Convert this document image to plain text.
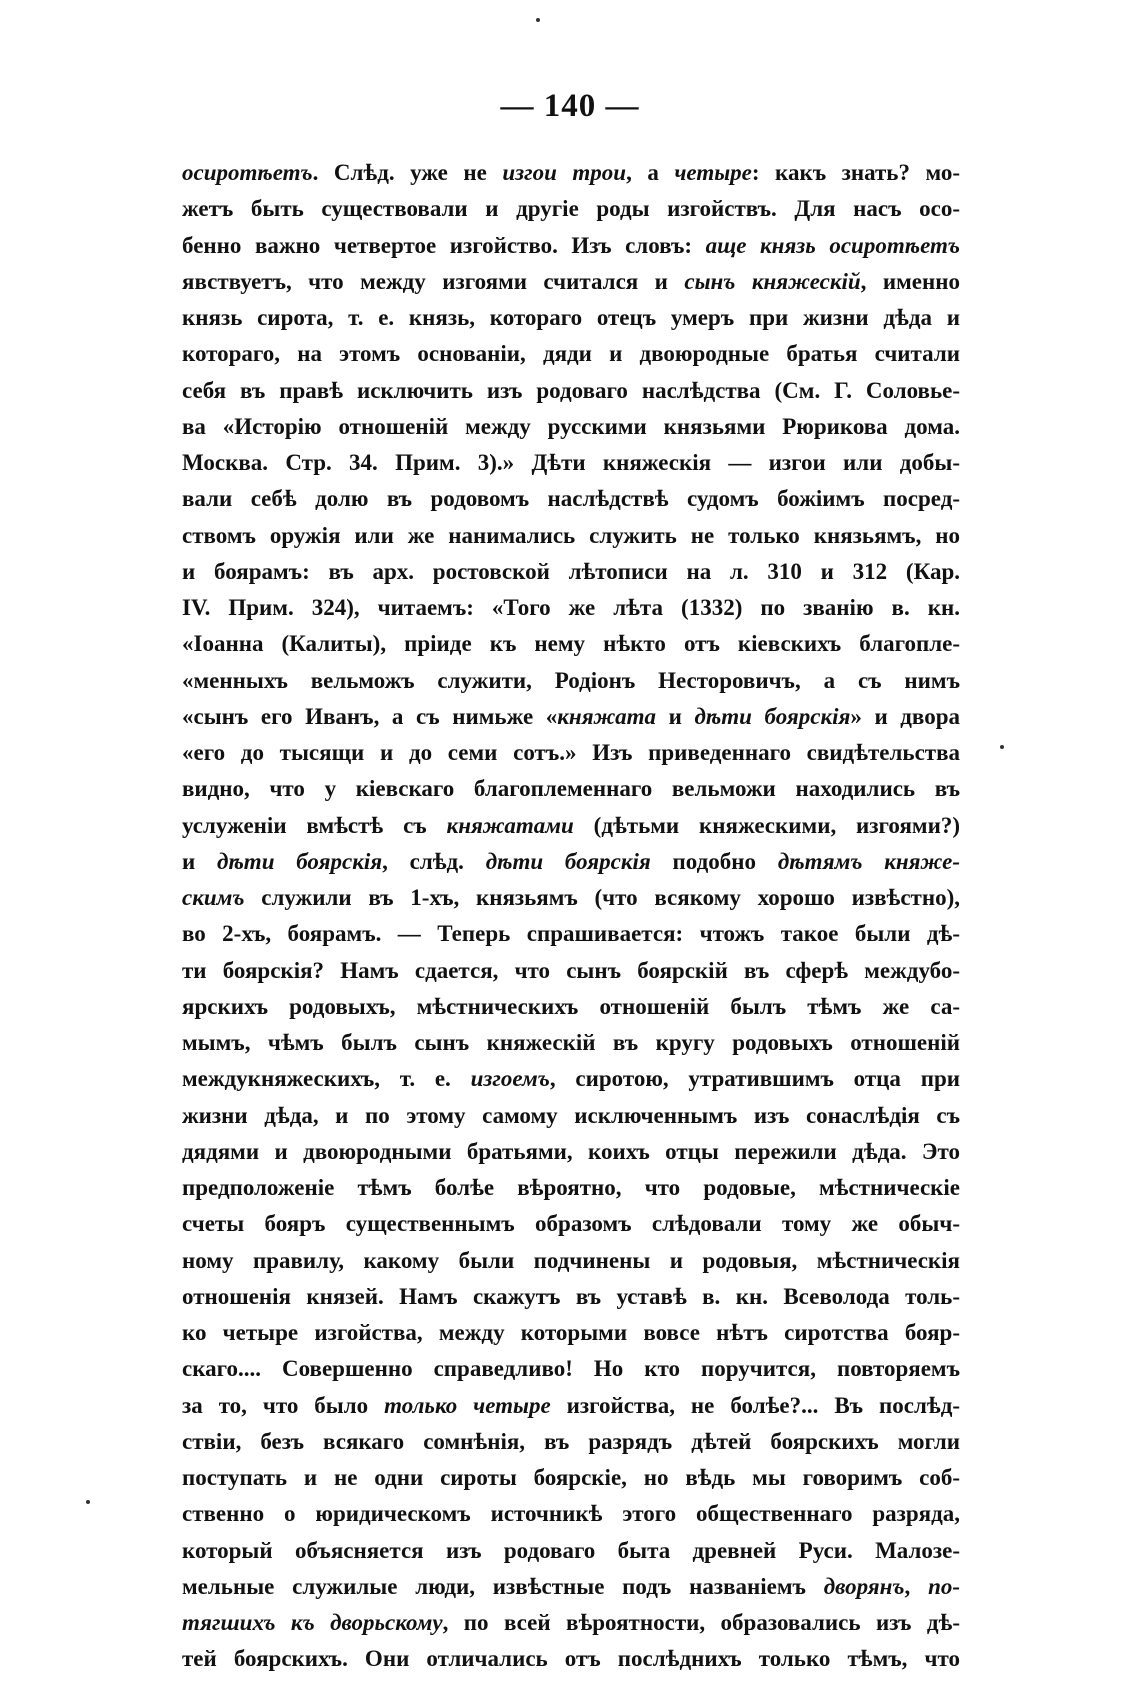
— 140 —
осиротѣетъ. Слѣд. уже не изгои трои, а четыре: какъ знать? мо-
жетъ быть существовали и другіе роды изгойствъ. Для насъ осо-
бенно важно четвертое изгойство. Изъ словъ: аще князь осиротѣетъ
явствуетъ, что между изгоями считался и сынъ княжескій, именно
князь сирота, т. е. князь, котораго отецъ умеръ при жизни дѣда и
котораго, на этомъ основаніи, дяди и двоюродные братья считали
себя въ правѣ исключить изъ родоваго наслѣдства (См. Г. Соловье-
ва «Исторію отношеній между русскими князьями Рюрикова дома.
Москва. Стр. 34. Прим. 3).» Дѣти княжескія — изгои или добы-
вали себѣ долю въ родовомъ наслѣдствѣ судомъ божіимъ посред-
ствомъ оружія или же нанимались служить не только князьямъ, но
и боярамъ: въ арх. ростовской лѣтописи на л. 310 и 312 (Кар.
IV. Прим. 324), читаемъ: «Того же лѣта (1332) по званію в. кн.
«Іоанна (Калиты), пріиде къ нему нѣкто отъ кіевскихъ благопле-
«менныхъ вельможъ служити, Родіонъ Несторовичъ, а съ нимъ
«сынъ его Иванъ, а съ нимьже «княжата и дѣти боярскія» и двора
«его до тысящи и до семи сотъ.» Изъ приведеннаго свидѣтельства
видно, что у кіевскаго благоплеменнаго вельможи находились въ
услуженіи вмѣстѣ съ княжатами (дѣтьми княжескими, изгоями?)
и дѣти боярскія, слѣд. дѣти боярскія подобно дѣтямъ княже-
скимъ служили въ 1-хъ, князьямъ (что всякому хорошо извѣстно),
во 2-хъ, боярамъ. — Теперь спрашивается: чтожъ такое были дѣ-
ти боярскія? Намъ сдается, что сынъ боярскій въ сферѣ междубо-
ярскихъ родовыхъ, мѣстническихъ отношеній былъ тѣмъ же са-
мымъ, чѣмъ былъ сынъ княжескій въ кругу родовыхъ отношеній
междукняжескихъ, т. е. изгоемъ, сиротою, утратившимъ отца при
жизни дѣда, и по этому самому исключеннымъ изъ сонаслѣдія съ
дядями и двоюродными братьями, коихъ отцы пережили дѣда. Это
предположеніе тѣмъ болѣе вѣроятно, что родовые, мѣстническіе
счеты бояръ существеннымъ образомъ слѣдовали тому же обыч-
ному правилу, какому были подчинены и родовыя, мѣстническія
отношенія князей. Намъ скажутъ въ уставѣ в. кн. Всеволода толь-
ко четыре изгойства, между которыми вовсе нѣтъ сиротства бояр-
скаго.... Совершенно справедливо! Но кто поручится, повторяемъ
за то, что было только четыре изгойства, не болѣе?... Въ послѣд-
ствіи, безъ всякаго сомнѣнія, въ разрядъ дѣтей боярскихъ могли
поступать и не одни сироты боярскіе, но вѣдь мы говоримъ соб-
ственно о юридическомъ источникѣ этого общественнаго разряда,
который объясняется изъ родоваго быта древней Руси. Малозе-
мельные служилые люди, извѣстные подъ названіемъ дворянъ, по-
тягшихъ къ дворьскому, по всей вѣроятности, образовались изъ дѣ-
тей боярскихъ. Они отличались отъ послѣднихъ только тѣмъ, что
